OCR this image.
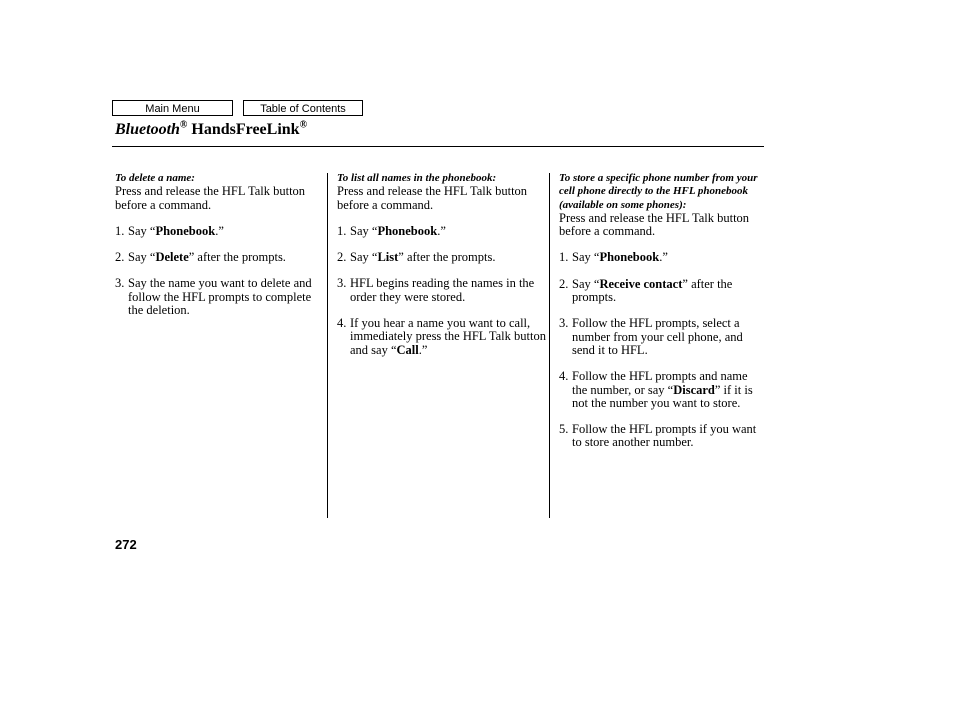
Main Menu	Table of Contents
Bluetooth® HandsFreeLink®
To delete a name:
Press and release the HFL Talk button before a command.
1. Say “Phonebook.”
2. Say “Delete” after the prompts.
3. Say the name you want to delete and follow the HFL prompts to complete the deletion.
To list all names in the phonebook:
Press and release the HFL Talk button before a command.
1. Say “Phonebook.”
2. Say “List” after the prompts.
3. HFL begins reading the names in the order they were stored.
4. If you hear a name you want to call, immediately press the HFL Talk button and say “Call.”
To store a specific phone number from your cell phone directly to the HFL phonebook (available on some phones):
Press and release the HFL Talk button before a command.
1. Say “Phonebook.”
2. Say “Receive contact” after the prompts.
3. Follow the HFL prompts, select a number from your cell phone, and send it to HFL.
4. Follow the HFL prompts and name the number, or say “Discard” if it is not the number you want to store.
5. Follow the HFL prompts if you want to store another number.
272
